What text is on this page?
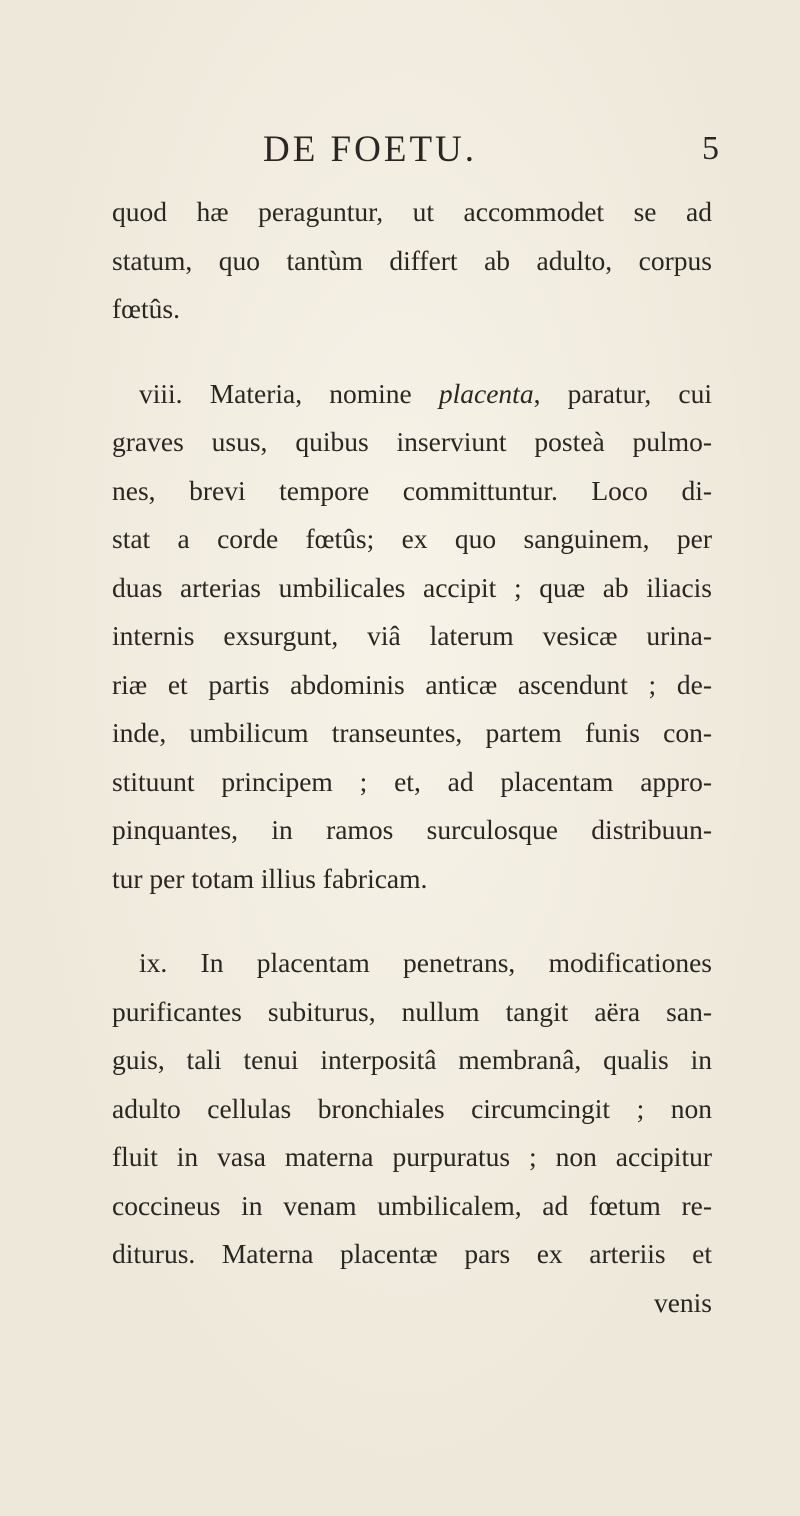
DE FOETU.	5
quod hæ peraguntur, ut accommodet se ad
statum, quo tantùm differt ab adulto, corpus
fœtûs.
viii. Materia, nomine placenta, paratur, cui
graves usus, quibus inserviunt posteà pulmo-
nes, brevi tempore committuntur. Loco di-
stat a corde fœtûs; ex quo sanguinem, per
duas arterias umbilicales accipit ; quæ ab iliacis
internis exsurgunt, viâ laterum vesicæ urina-
riæ et partis abdominis anticæ ascendunt ; de-
inde, umbilicum transeuntes, partem funis con-
stituunt principem ; et, ad placentam appro-
pinquantes, in ramos surculosque distribuun-
tur per totam illius fabricam.
ix. In placentam penetrans, modificationes
purificantes subiturus, nullum tangit aëra san-
guis, tali tenui interpositâ membranâ, qualis in
adulto cellulas bronchiales circumcingit ; non
fluit in vasa materna purpuratus ; non accipitur
coccineus in venam umbilicalem, ad fœtum re-
diturus. Materna placentæ pars ex arteriis et
venis
